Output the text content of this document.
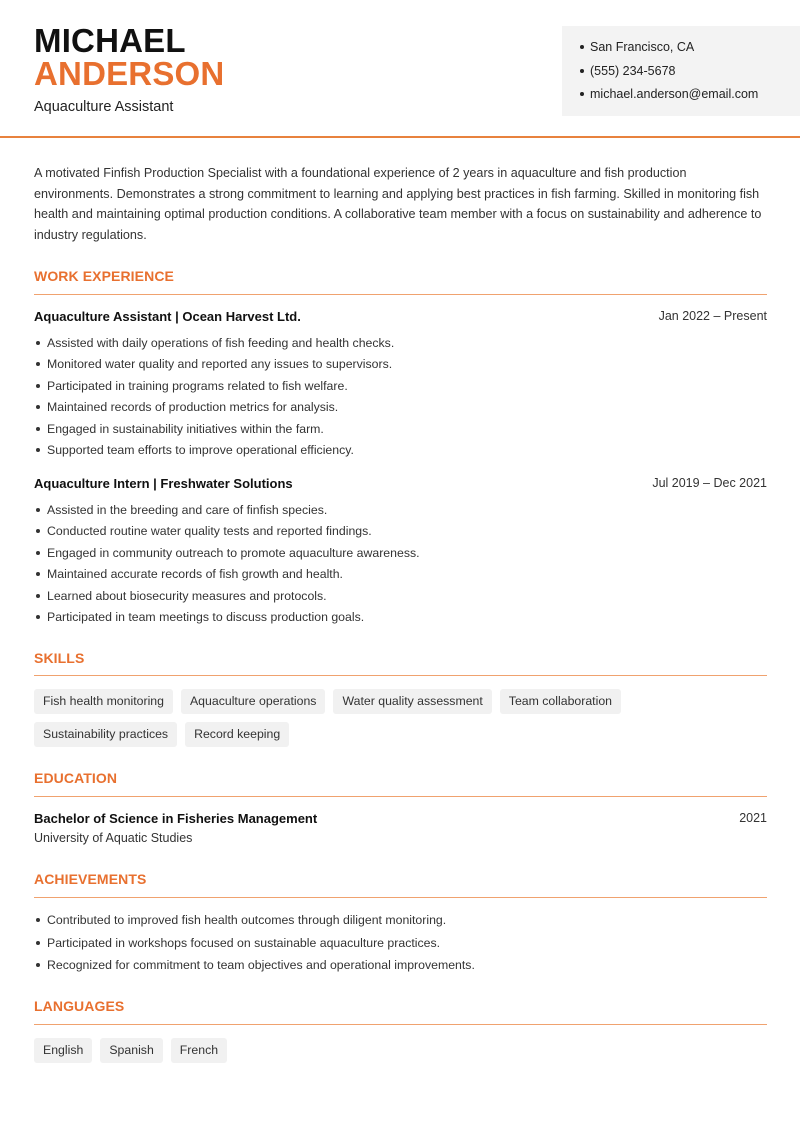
MICHAEL
ANDERSON
Aquaculture Assistant
San Francisco, CA
(555) 234-5678
michael.anderson@email.com
A motivated Finfish Production Specialist with a foundational experience of 2 years in aquaculture and fish production environments. Demonstrates a strong commitment to learning and applying best practices in fish farming. Skilled in monitoring fish health and maintaining optimal production conditions. A collaborative team member with a focus on sustainability and adherence to industry regulations.
WORK EXPERIENCE
Aquaculture Assistant | Ocean Harvest Ltd.	Jan 2022 – Present
Assisted with daily operations of fish feeding and health checks.
Monitored water quality and reported any issues to supervisors.
Participated in training programs related to fish welfare.
Maintained records of production metrics for analysis.
Engaged in sustainability initiatives within the farm.
Supported team efforts to improve operational efficiency.
Aquaculture Intern | Freshwater Solutions	Jul 2019 – Dec 2021
Assisted in the breeding and care of finfish species.
Conducted routine water quality tests and reported findings.
Engaged in community outreach to promote aquaculture awareness.
Maintained accurate records of fish growth and health.
Learned about biosecurity measures and protocols.
Participated in team meetings to discuss production goals.
SKILLS
Fish health monitoring	Aquaculture operations	Water quality assessment	Team collaboration
Sustainability practices	Record keeping
EDUCATION
Bachelor of Science in Fisheries Management	2021
University of Aquatic Studies
ACHIEVEMENTS
Contributed to improved fish health outcomes through diligent monitoring.
Participated in workshops focused on sustainable aquaculture practices.
Recognized for commitment to team objectives and operational improvements.
LANGUAGES
English	Spanish	French
